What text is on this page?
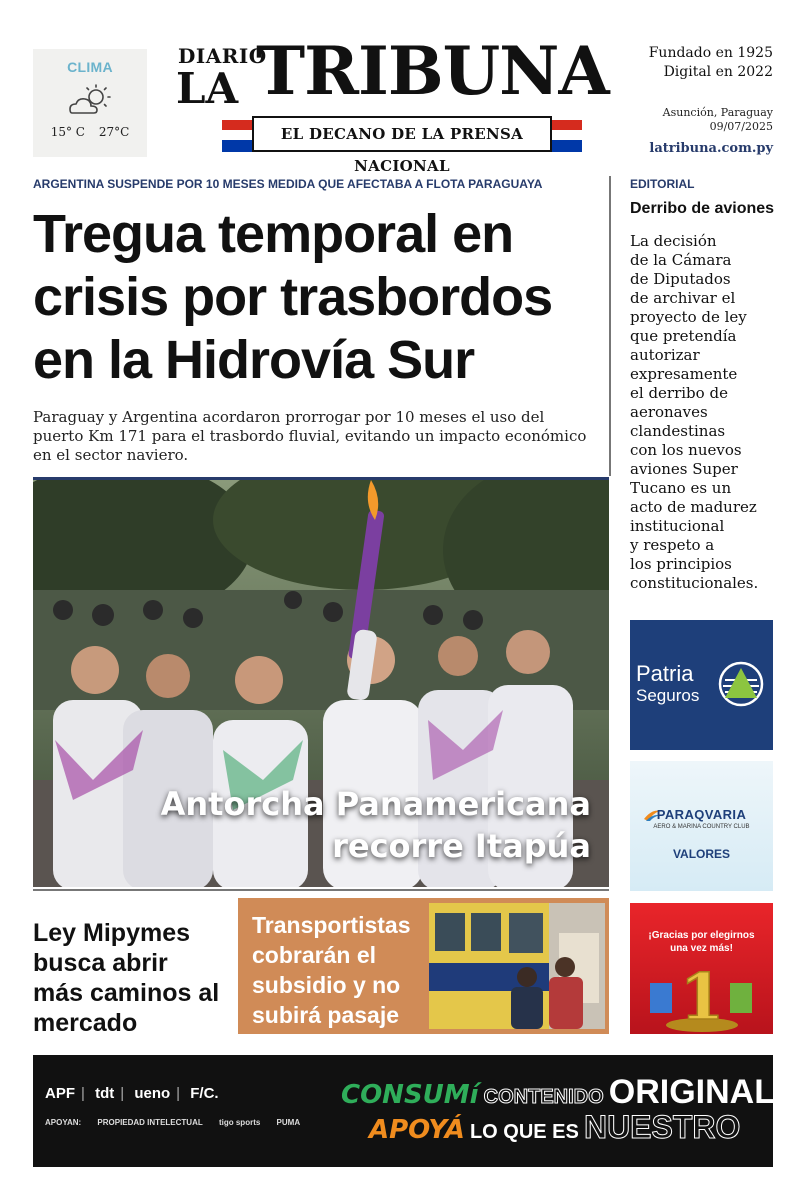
CLIMA
15° C 27°C
DIARIO
LA TRIBUNA
EL DECANO DE LA PRENSA NACIONAL
Fundado en 1925
Digital en 2022
Asunción, Paraguay
09/07/2025
latribuna.com.py
ARGENTINA SUSPENDE POR 10 MESES MEDIDA QUE AFECTABA A FLOTA PARAGUAYA
Tregua temporal en crisis por trasbordos en la Hidrovía Sur

Paraguay y Argentina acordaron prorrogar por 10 meses el uso del puerto Km 171 para el trasbordo fluvial, evitando un impacto económico en el sector naviero.

Antorcha Panamericana
recorre Itapúa
Ley Mipymes busca abrir más caminos al mercado
Transportistas cobrarán el subsidio y no subirá pasaje
EDITORIAL
Derribo de aviones
La decisión
de la Cámara
de Diputados
de archivar el
proyecto de ley
que pretendía
autorizar
expresamente
el derribo de
aeronaves
clandestinas
con los nuevos
aviones Super
Tucano es un
acto de madurez
institucional
y respeto a
los principios
constitucionales.
Patria
Seguros
PARAQVARIA
AERO & MARINA COUNTRY CLUB
VALORES
¡Gracias por elegirnos
una vez más!
1
APF | tdt | ueno | F/C.
APOYAN: PROPIEDAD INTELECTUAL tigo sports PUMA
CONSUMí CONTENIDO ORIGINAL,
APOYÁ LO QUE ES NUESTRO
